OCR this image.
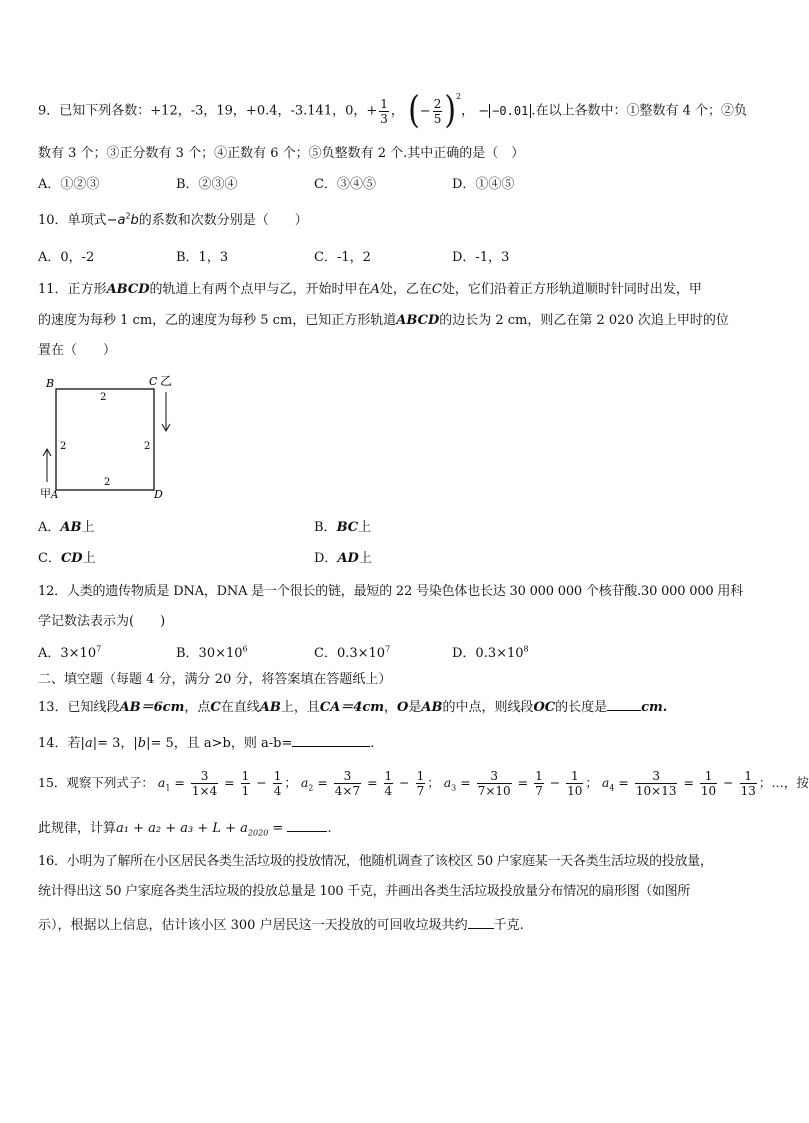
9．已知下列各数：+12，-3，19，+0.4，-3.141，0，+ $\frac{1}{3}$ ， (− $\frac{2}{5} )^2$， − −0.01 .在以上各数中：①整数有 4 个；②负
数有 3 个；③正分数有 3 个；④正数有 6 个；⑤负整数有 2 个.其中正确的是（　）
A．①②③	B．②③④	C．③④⑤	D．①④⑤
10．单项式$-a^2b$的系数和次数分别是（　　）
A．0，-2	B．1，3	C．-1，2	D．-1，3
11．正方形ABCD的轨道上有两个点甲与乙，开始时甲在A处，乙在C处，它们沿着正方形轨道顺时针同时出发，甲
的速度为每秒 1 cm，乙的速度为每秒 5 cm，已知正方形轨道ABCD的边长为 2 cm，则乙在第 2 020 次追上甲时的位
置在（　　）
B	C 乙
甲 A	D
2
2	2
2
A．AB上	B．BC上
C．CD上	D．AD上
12．人类的遗传物质是 DNA，DNA 是一个很长的链，最短的 22 号染色体也长达 30 000 000 个核苷酸.30 000 000 用科
学记数法表示为(　　)
A．$3\times 10^7$	B．$30\times 10^6$	C．$0.3\times 10^7$	D．$0.3\times 10^8$
二、填空题（每题 4 分，满分 20 分，将答案填在答题纸上）
13．已知线段AB＝6cm，点C在直线AB上，且CA＝4cm，O是AB的中点，则线段OC的长度是	cm.
14．若|a|= 3，|b|= 5，且 a>b，则 a-b=	.
15．观察下列式子： $a_1 = \frac{3}{1\times 4} = \frac{1}{1} - \frac{1}{4}$ ； $a_2 = \frac{3}{4\times 7} = \frac{1}{4} - \frac{1}{7}$ ； $a_3 = \frac{3}{7\times 10} = \frac{1}{7} - \frac{1}{10}$ ； $a_4 = \frac{3}{10\times 13} = \frac{1}{10} - \frac{1}{13}$ ；…，按
此规律，计算$a_1 + a_2 + a_3 + L + a_{2020}$ =	.
16．小明为了解所在小区居民各类生活垃圾的投放情况，他随机调查了该校区 50 户家庭某一天各类生活垃圾的投放量，
统计得出这 50 户家庭各类生活垃圾的投放总量是 100 千克，并画出各类生活垃圾投放量分布情况的扇形图（如图所
示），根据以上信息，估计该小区 300 户居民这一天投放的可回收垃圾共约 千克.
